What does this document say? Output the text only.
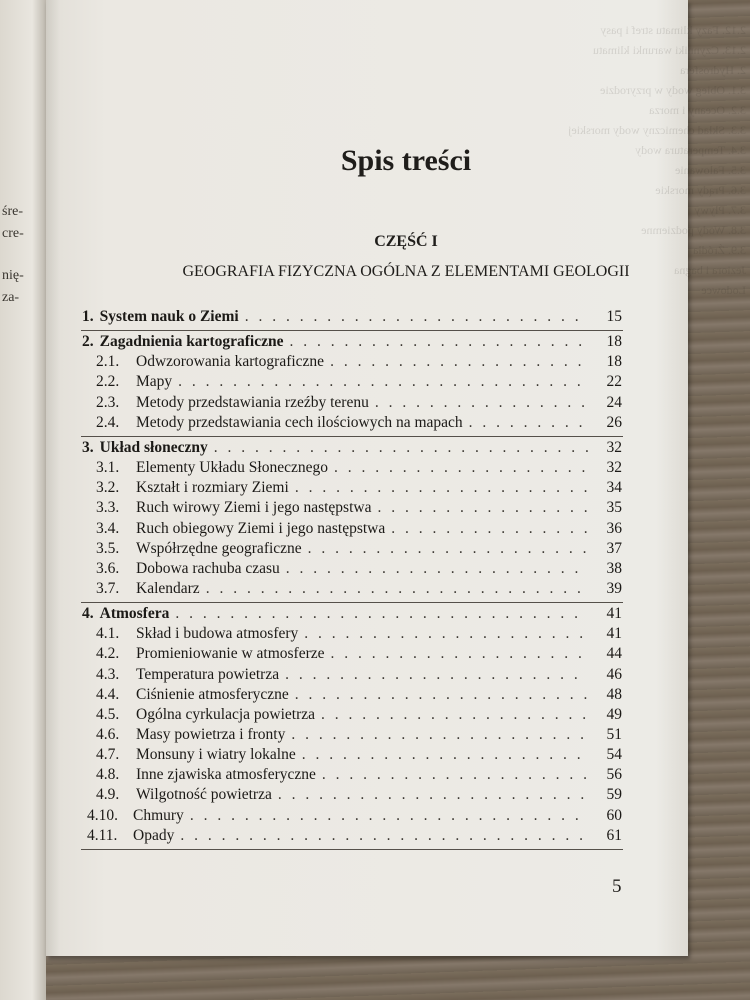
śre-
cre-
nię-
za-
2.12. Fazy klimatu stref i pasy
2.13. Czynniki warunki klimatu
3.1. Obieg wody w przyrodzie
3.3. Skład chemiczny wody morskiej
Spis treści
CZĘŚĆ I
GEOGRAFIA FIZYCZNA OGÓLNA Z ELEMENTAMI GEOLOGII
1. System nauk o Ziemi . . .	15
2. Zagadnienia kartograficzne . . .	18
2.1.	Odwzorowania kartograficzne . . .	18
2.2.	Mapy . . .	22
2.3.	Metody przedstawiania rzeźby terenu . . .	24
2.4.	Metody przedstawiania cech ilościowych na mapach . . .	26
3. Układ słoneczny . . .	32
3.1.	Elementy Układu Słonecznego . . .	32
3.2.	Kształt i rozmiary Ziemi . . .	34
3.3.	Ruch wirowy Ziemi i jego następstwa . . .	35
3.4.	Ruch obiegowy Ziemi i jego następstwa . . .	36
3.5.	Współrzędne geograficzne . . .	37
3.6.	Dobowa rachuba czasu . . .	38
3.7.	Kalendarz . . .	39
4. Atmosfera . . .	41
4.1.	Skład i budowa atmosfery . . .	41
4.2.	Promieniowanie w atmosferze . . .	44
4.3.	Temperatura powietrza . . .	46
4.4.	Ciśnienie atmosferyczne . . .	48
4.5.	Ogólna cyrkulacja powietrza . . .	49
4.6.	Masy powietrza i fronty . . .	51
4.7.	Monsuny i wiatry lokalne . . .	54
4.8.	Inne zjawiska atmosferyczne . . .	56
4.9.	Wilgotność powietrza . . .	59
4.10. Chmury . . .	60
4.11.	Opady . . .	61
5
